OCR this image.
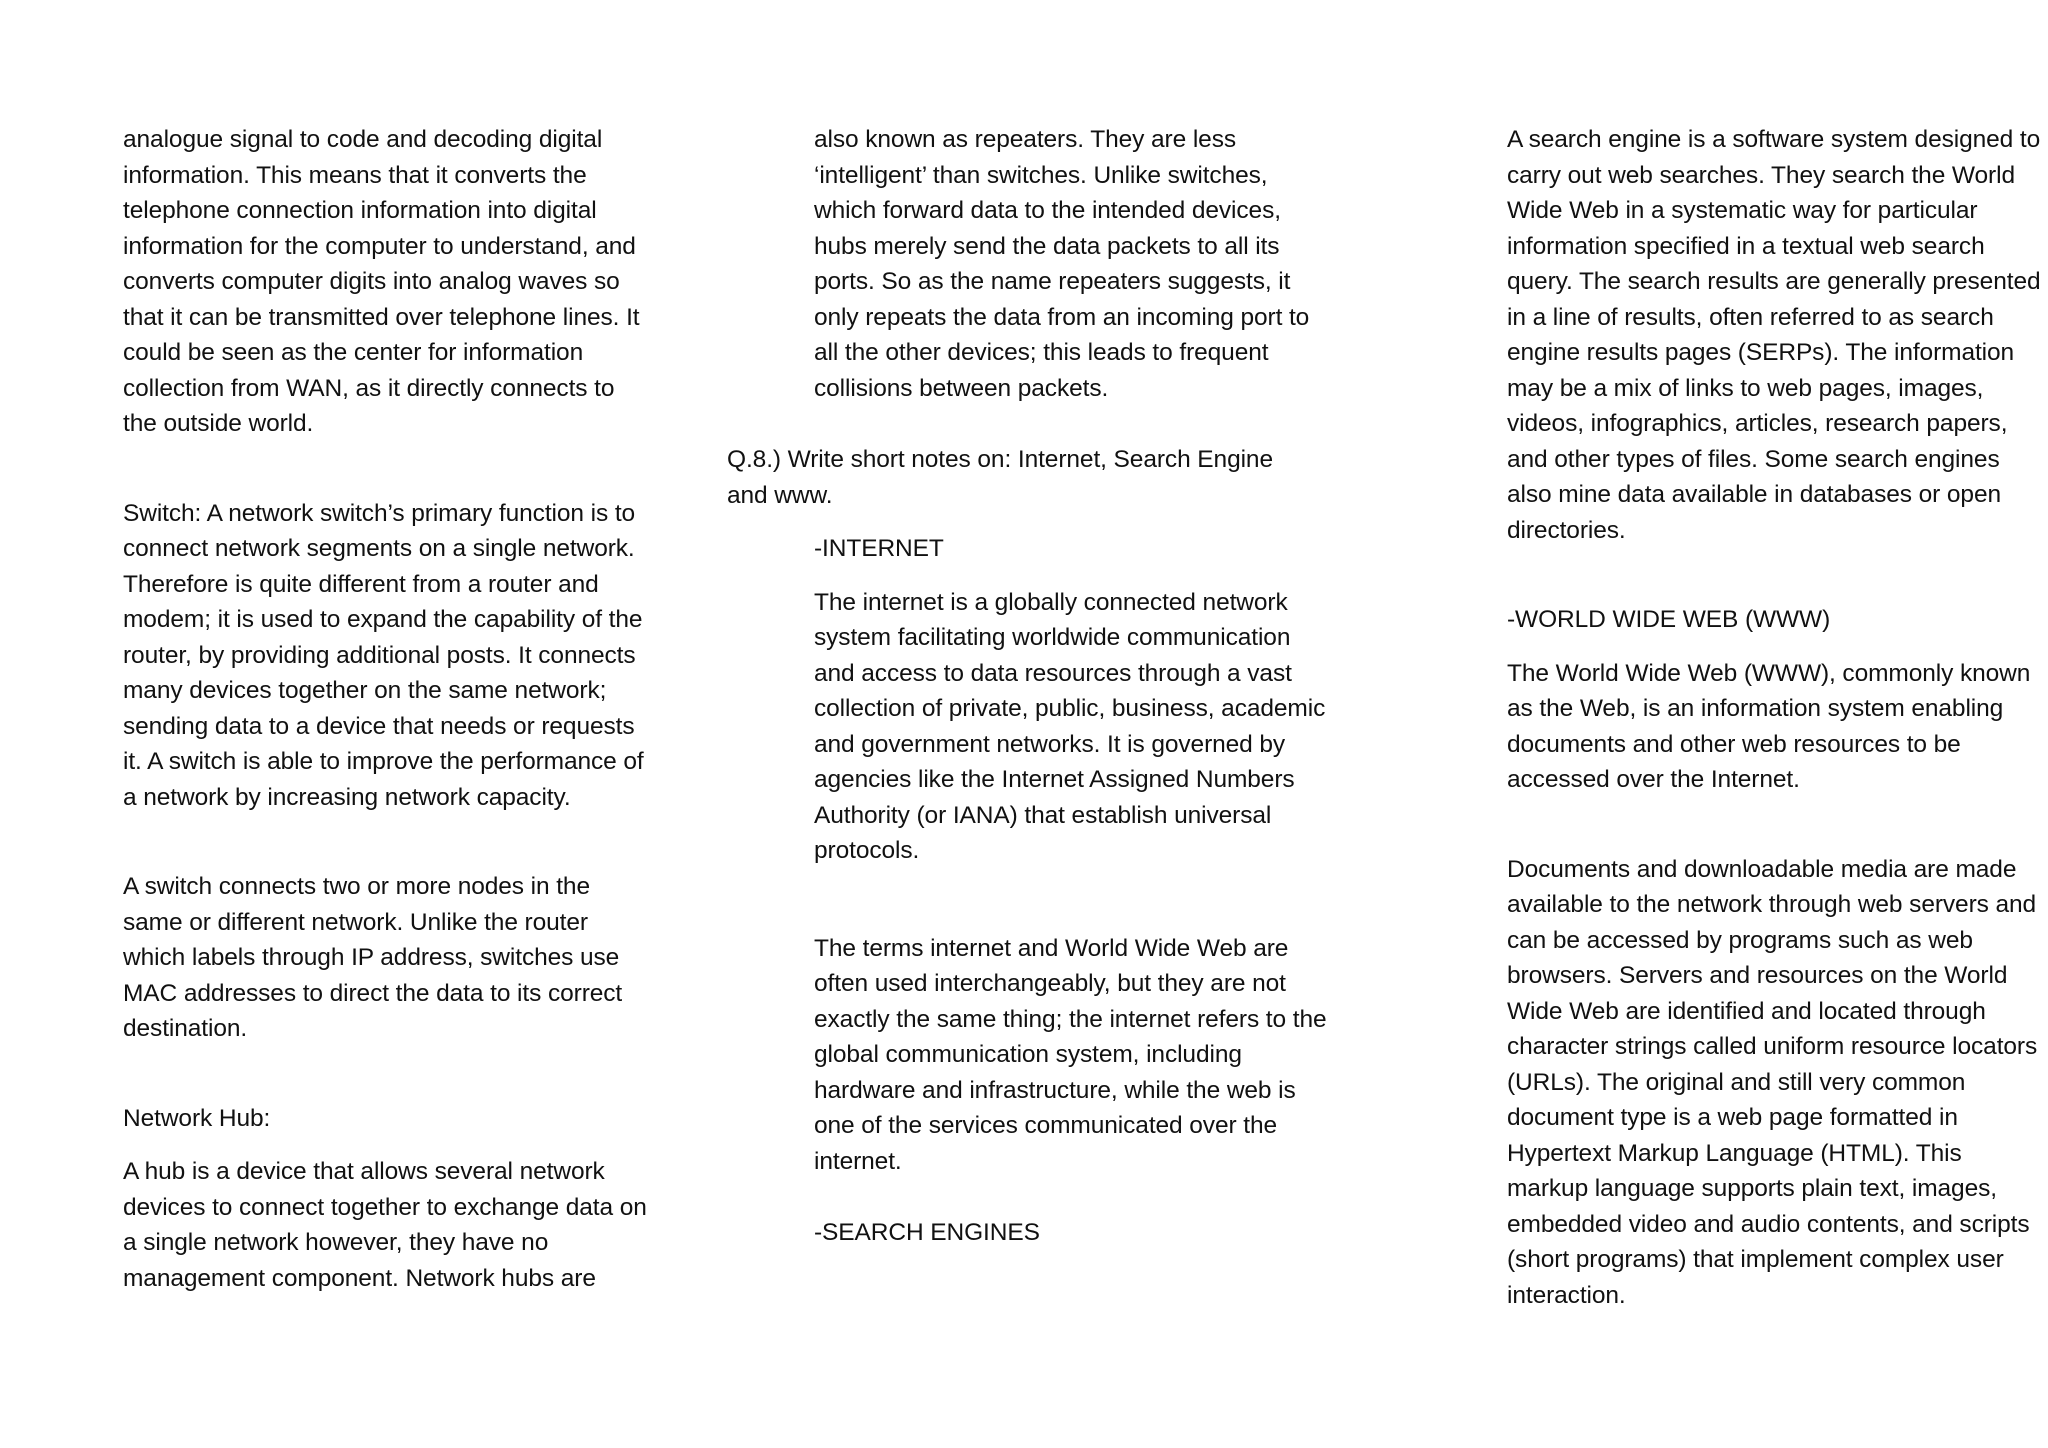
analogue signal to code and decoding digital information. This means that it converts the telephone connection information into digital information for the computer to understand, and converts computer digits into analog waves so that it can be transmitted over telephone lines. It could be seen as the center for information collection from WAN, as it directly connects to the outside world.

Switch: A network switch’s primary function is to connect network segments on a single network. Therefore is quite different from a router and modem; it is used to expand the capability of the router, by providing additional posts. It connects many devices together on the same network; sending data to a device that needs or requests it. A switch is able to improve the performance of a network by increasing network capacity.

A switch connects two or more nodes in the same or different network. Unlike the router which labels through IP address, switches use MAC addresses to direct the data to its correct destination.

Network Hub:

A hub is a device that allows several network devices to connect together to exchange data on a single network however, they have no management component. Network hubs are

also known as repeaters. They are less ‘intelligent’ than switches. Unlike switches, which forward data to the intended devices, hubs merely send the data packets to all its ports. So as the name repeaters suggests, it only repeats the data from an incoming port to all the other devices; this leads to frequent collisions between packets.

Q.8.) Write short notes on: Internet, Search Engine and www.

-INTERNET

The internet is a globally connected network system facilitating worldwide communication and access to data resources through a vast collection of private, public, business, academic and government networks. It is governed by agencies like the Internet Assigned Numbers Authority (or IANA) that establish universal protocols.

The terms internet and World Wide Web are often used interchangeably, but they are not exactly the same thing; the internet refers to the global communication system, including hardware and infrastructure, while the web is one of the services communicated over the internet.

-SEARCH ENGINES

A search engine is a software system designed to carry out web searches. They search the World Wide Web in a systematic way for particular information specified in a textual web search query. The search results are generally presented in a line of results, often referred to as search engine results pages (SERPs). The information may be a mix of links to web pages, images, videos, infographics, articles, research papers, and other types of files. Some search engines also mine data available in databases or open directories.

-WORLD WIDE WEB (WWW)

The World Wide Web (WWW), commonly known as the Web, is an information system enabling documents and other web resources to be accessed over the Internet.

Documents and downloadable media are made available to the network through web servers and can be accessed by programs such as web browsers. Servers and resources on the World Wide Web are identified and located through character strings called uniform resource locators (URLs). The original and still very common document type is a web page formatted in Hypertext Markup Language (HTML). This markup language supports plain text, images, embedded video and audio contents, and scripts (short programs) that implement complex user interaction.
